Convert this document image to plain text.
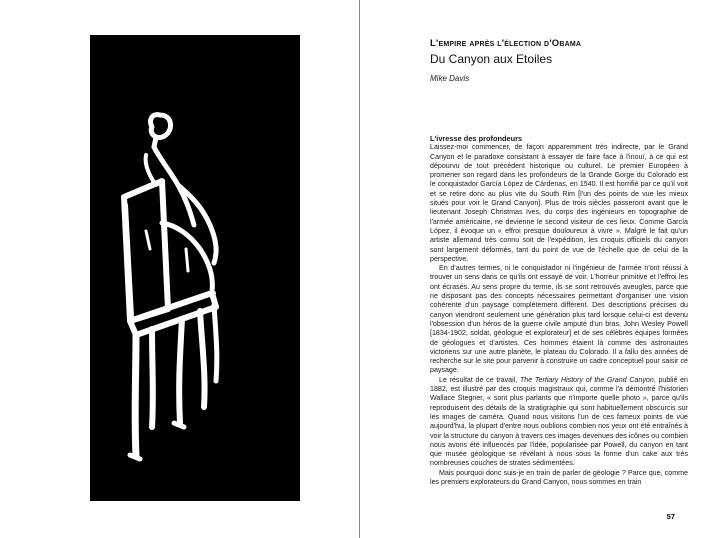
L'empire après l'élection d'Obama
Du Canyon aux Etoiles
Mike Davis
L'ivresse des profondeurs

Laissez-moi commencer, de façon apparemment très indirecte, par le Grand Canyon et le paradoxe consistant à essayer de faire face à l'inouï, à ce qui est dépourvu de tout précédent historique ou culturel. Le premier Européen à promener son regard dans les profondeurs de la Grande Gorge du Colorado est le conquistador García López de Cárdenas, en 1540. Il est horrifié par ce qu'il voit et se retire donc au plus vite du South Rim [l'un des points de vue les mieux situés pour voir le Grand Canyon]. Plus de trois siècles passeront avant que le lieutenant Joseph Christmas Ives, du corps des ingénieurs en topographie de l'armée américaine, ne devienne le second visiteur de ces lieux. Comme García López, il évoque un « effroi presque douloureux à vivre ». Malgré le fait qu'un artiste allemand très connu soit de l'expédition, les croquis officiels du canyon sont largement déformés, tant du point de vue de l'échelle que de celui de la perspective.

En d'autres termes, ni le conquistador ni l'ingénieur de l'armée n'ont réussi à trouver un sens dans ce qu'ils ont essayé de voir. L'horreur primitive et l'effroi les ont écrasés. Au sens propre du terme, ils se sont retrouvés aveugles, parce que ne disposant pas des concepts nécessaires permettant d'organiser une vision cohérente d'un paysage complètement différent. Des descriptions précises du canyon viendront seulement une génération plus tard lorsque celui-ci est devenu l'obsession d'un héros de la guerre civile amputé d'un bras, John Wesley Powell [1834-1902, soldat, géologue et explorateur] et de ses célèbres équipes formées de géologues et d'artistes. Ces hommes étaient là comme des astronautes victoriens sur une autre planète, le plateau du Colorado. Il a fallu des années de recherche sur le site pour parvenir à construire un cadre conceptuel pour saisir ce paysage.

Le résultat de ce travail, The Tertiary History of the Grand Canyon, publié en 1882, est illustré par des croquis magistraux qui, comme l'a démontré l'historien Wallace Stegner, « sont plus parlants que n'importe quelle photo », parce qu'ils reproduisent des détails de la stratigraphie qui sont habituellement obscurcis sur les images de caméra. Quand nous visitons l'un de ces fameux points de vue aujourd'hui, la plupart d'entre nous oublions combien nos yeux ont été entraînés à voir la structure du canyon à travers ces images devenues des icônes ou combien nous avons été influencés par l'idée, popularisée par Powell, du canyon en tant que musée géologique se révélant à nous sous la forme d'un cake aux très nombreuses couches de strates sédimentées.

Mais pourquoi donc suis-je en train de parler de géologie ? Parce que, comme les premiers explorateurs du Grand Canyon, nous sommes en train

57
